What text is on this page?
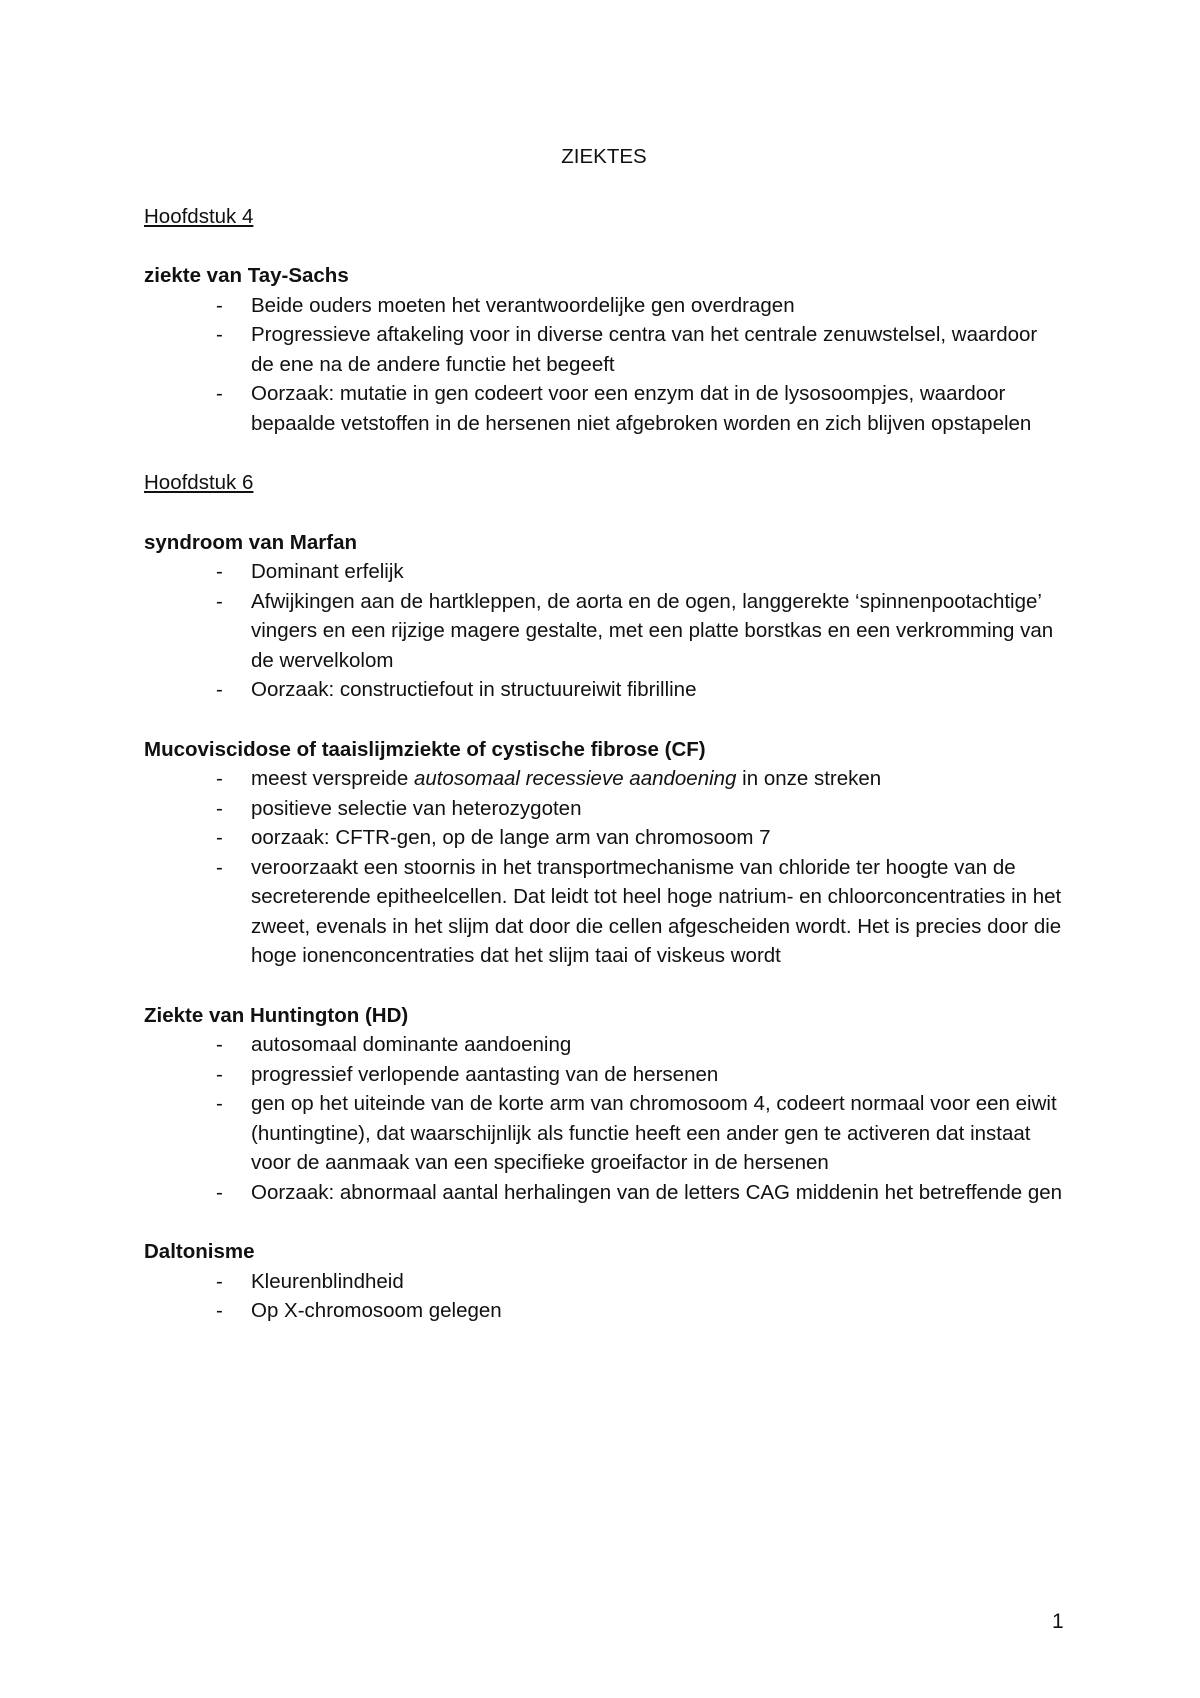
ZIEKTES
Hoofdstuk 4
ziekte van Tay-Sachs
- Beide ouders moeten het verantwoordelijke gen overdragen
- Progressieve aftakeling voor in diverse centra van het centrale zenuwstelsel, waardoor de ene na de andere functie het begeeft
- Oorzaak: mutatie in gen codeert voor een enzym dat in de lysosoompjes, waardoor bepaalde vetstoffen in de hersenen niet afgebroken worden en zich blijven opstapelen
Hoofdstuk 6
syndroom van Marfan
- Dominant erfelijk
- Afwijkingen aan de hartkleppen, de aorta en de ogen, langgerekte ‘spinnenpootachtige’ vingers en een rijzige magere gestalte, met een platte borstkas en een verkromming van de wervelkolom
- Oorzaak: constructiefout in structuureiwit fibrilline
Mucoviscidose of taaislijmziekte of cystische fibrose (CF)
- meest verspreide autosomaal recessieve aandoening in onze streken
- positieve selectie van heterozygoten
- oorzaak: CFTR-gen, op de lange arm van chromosoom 7
- veroorzaakt een stoornis in het transportmechanisme van chloride ter hoogte van de secreterende epitheelcellen. Dat leidt tot heel hoge natrium- en chloorconcentraties in het zweet, evenals in het slijm dat door die cellen afgescheiden wordt. Het is precies door die hoge ionenconcentraties dat het slijm taai of viskeus wordt
Ziekte van Huntington (HD)
- autosomaal dominante aandoening
- progressief verlopende aantasting van de hersenen
- gen op het uiteinde van de korte arm van chromosoom 4, codeert normaal voor een eiwit (huntingtine), dat waarschijnlijk als functie heeft een ander gen te activeren dat instaat voor de aanmaak van een specifieke groeifactor in de hersenen
- Oorzaak: abnormaal aantal herhalingen van de letters CAG middenin het betreffende gen
Daltonisme
- Kleurenblindheid
- Op X-chromosoom gelegen
1
